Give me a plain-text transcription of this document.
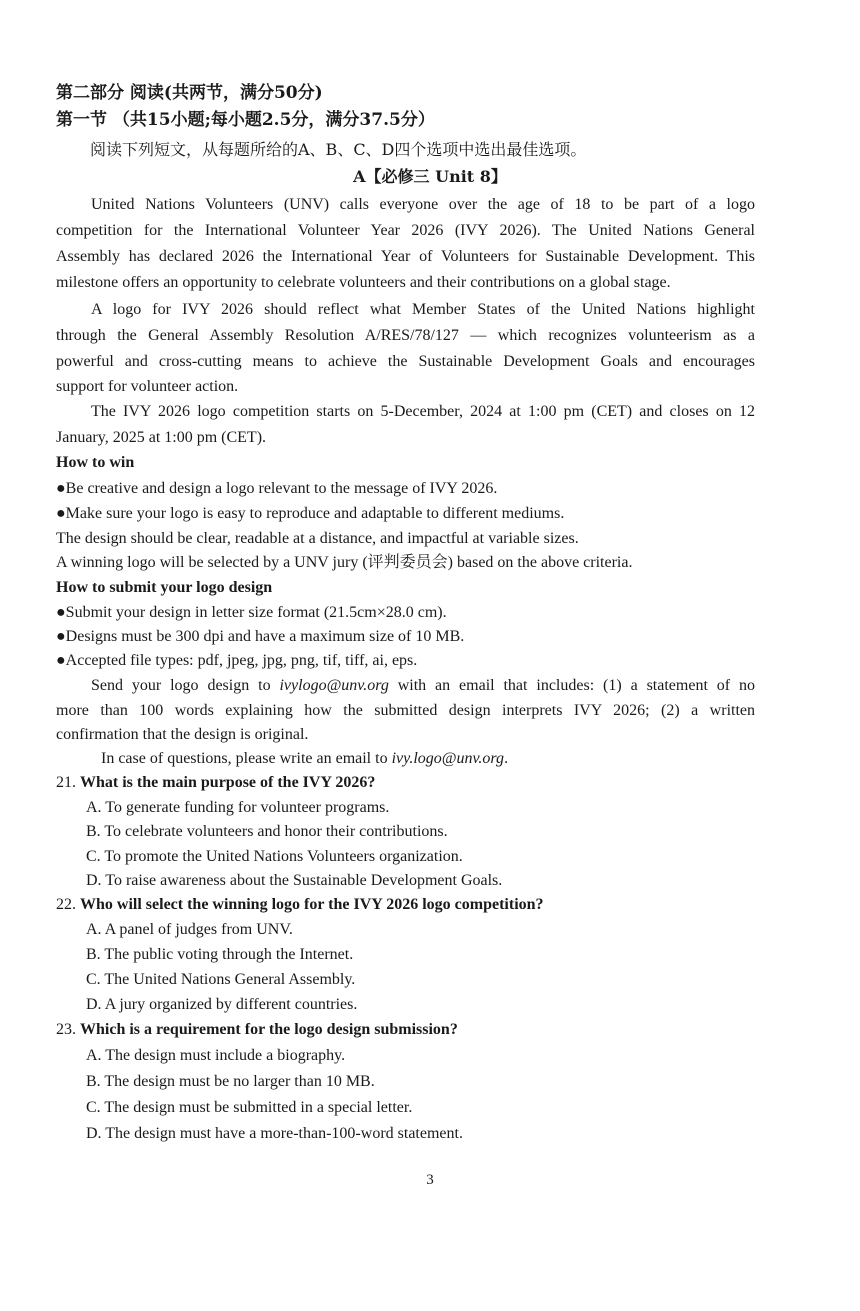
第二部分 阅读(共两节，满分50分)
第一节 （共15小题;每小题2.5分，满分37.5分）
阅读下列短文，从每题所给的A、B、C、D四个选项中选出最佳选项。
A【必修三 Unit 8】
United Nations Volunteers (UNV) calls everyone over the age of 18 to be part of a logo
competition for the International Volunteer Year 2026 (IVY 2026). The United Nations General
Assembly has declared 2026 the International Year of Volunteers for Sustainable Development. This
milestone offers an opportunity to celebrate volunteers and their contributions on a global stage.
A logo for IVY 2026 should reflect what Member States of the United Nations highlight
through the General Assembly Resolution A/RES/78/127 — which recognizes volunteerism as a
powerful and cross-cutting means to achieve the Sustainable Development Goals and encourages
support for volunteer action.
The IVY 2026 logo competition starts on 5-December, 2024 at 1:00 pm (CET) and closes on 12
January, 2025 at 1:00 pm (CET).
How to win
●Be creative and design a logo relevant to the message of IVY 2026.
●Make sure your logo is easy to reproduce and adaptable to different mediums.
The design should be clear, readable at a distance, and impactful at variable sizes.
A winning logo will be selected by a UNV jury (评判委员会) based on the above criteria.
How to submit your logo design
●Submit your design in letter size format (21.5cm×28.0 cm).
●Designs must be 300 dpi and have a maximum size of 10 MB.
●Accepted file types: pdf, jpeg, jpg, png, tif, tiff, ai, eps.
Send your logo design to ivylogo@unv.org with an email that includes: (1) a statement of no
more than 100 words explaining how the submitted design interprets IVY 2026; (2) a written
confirmation that the design is original.
In case of questions, please write an email to ivy.logo@unv.org.
21. What is the main purpose of the IVY 2026?
A. To generate funding for volunteer programs.
B. To celebrate volunteers and honor their contributions.
C. To promote the United Nations Volunteers organization.
D. To raise awareness about the Sustainable Development Goals.
22. Who will select the winning logo for the IVY 2026 logo competition?
A. A panel of judges from UNV.
B. The public voting through the Internet.
C. The United Nations General Assembly.
D. A jury organized by different countries.
23. Which is a requirement for the logo design submission?
A. The design must include a biography.
B. The design must be no larger than 10 MB.
C. The design must be submitted in a special letter.
D. The design must have a more-than-100-word statement.
3
